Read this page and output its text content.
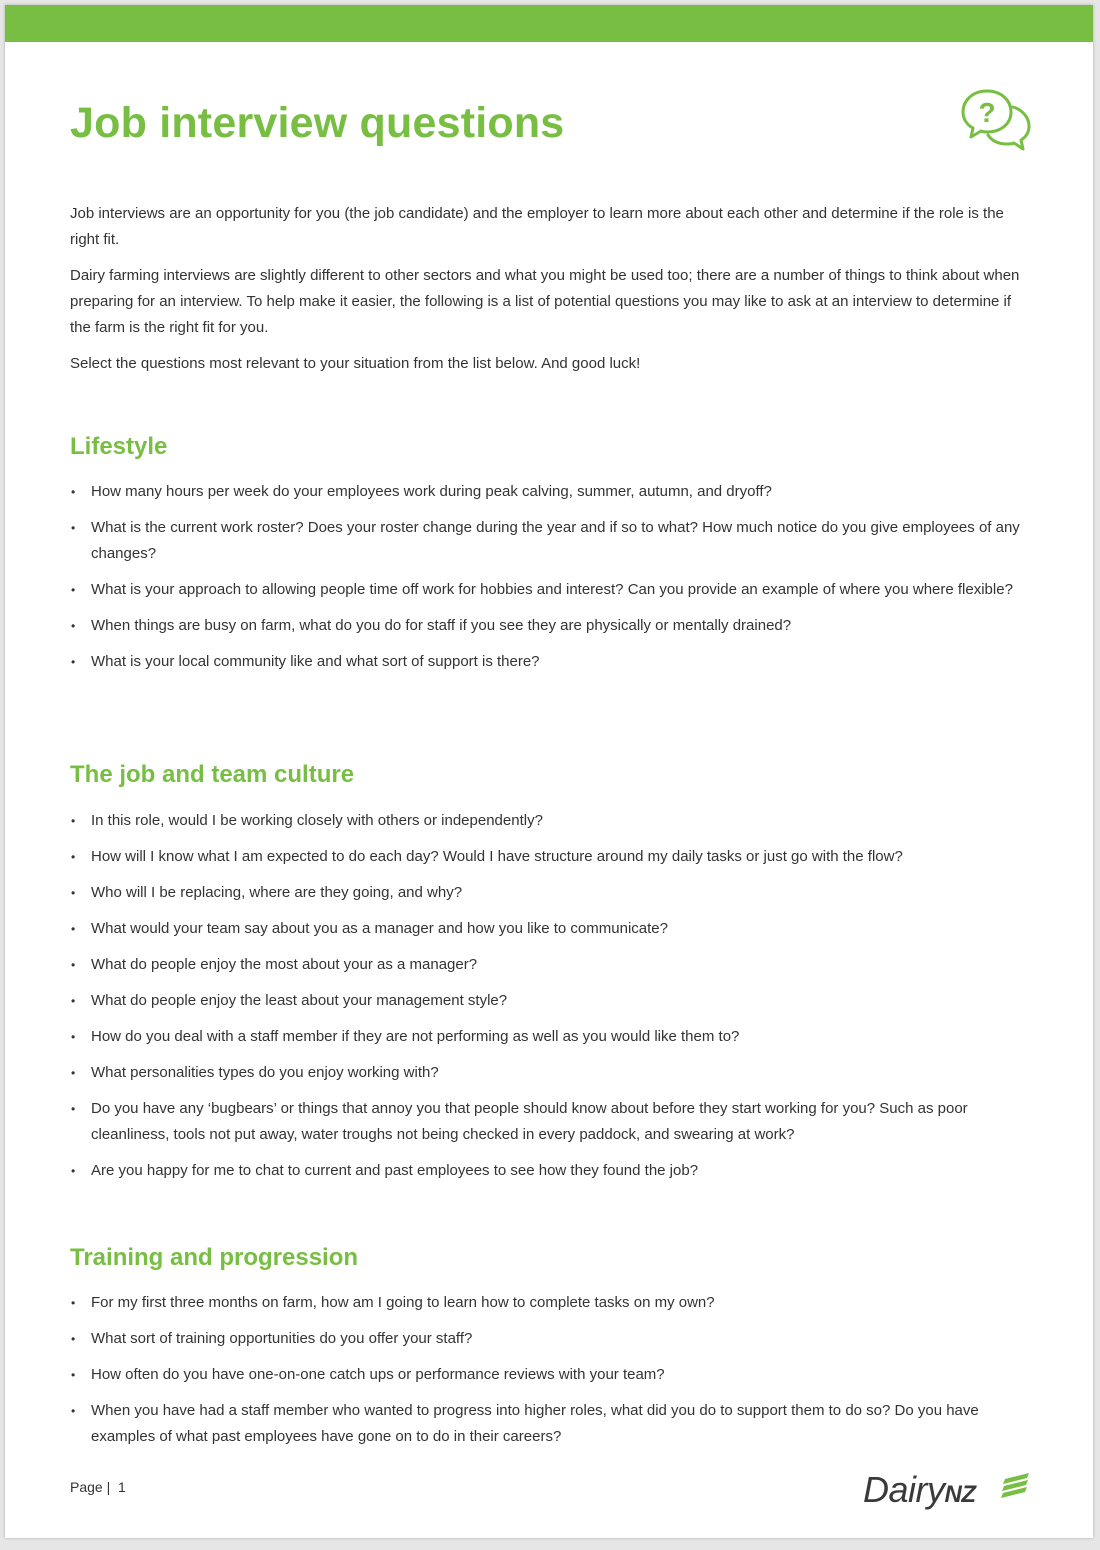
Job interview questions	?

Job interviews are an opportunity for you (the job candidate) and the employer to learn more about each other and determine if the role is the right fit.

Dairy farming interviews are slightly different to other sectors and what you might be used too; there are a number of things to think about when preparing for an interview. To help make it easier, the following is a list of potential questions you may like to ask at an interview to determine if the farm is the right fit for you.

Select the questions most relevant to your situation from the list below. And good luck!

Lifestyle
• How many hours per week do your employees work during peak calving, summer, autumn, and dryoff?
• What is the current work roster? Does your roster change during the year and if so to what? How much notice do you give employees of any changes?
• What is your approach to allowing people time off work for hobbies and interest? Can you provide an example of where you where flexible?
• When things are busy on farm, what do you do for staff if you see they are physically or mentally drained?
• What is your local community like and what sort of support is there?
The job and team culture
• In this role, would I be working closely with others or independently?
• How will I know what I am expected to do each day? Would I have structure around my daily tasks or just go with the flow?
• Who will I be replacing, where are they going, and why?
• What would your team say about you as a manager and how you like to communicate?
• What do people enjoy the most about your as a manager?
• What do people enjoy the least about your management style?
• How do you deal with a staff member if they are not performing as well as you would like them to?
• What personalities types do you enjoy working with?
• Do you have any ‘bugbears’ or things that annoy you that people should know about before they start working for you? Such as poor cleanliness, tools not put away, water troughs not being checked in every paddock, and swearing at work?
• Are you happy for me to chat to current and past employees to see how they found the job?
Training and progression
• For my first three months on farm, how am I going to learn how to complete tasks on my own?
• What sort of training opportunities do you offer your staff?
• How often do you have one-on-one catch ups or performance reviews with your team?
• When you have had a staff member who wanted to progress into higher roles, what did you do to support them to do so? Do you have examples of what past employees have gone on to do in their careers?
Page | 1	DairyNZ
